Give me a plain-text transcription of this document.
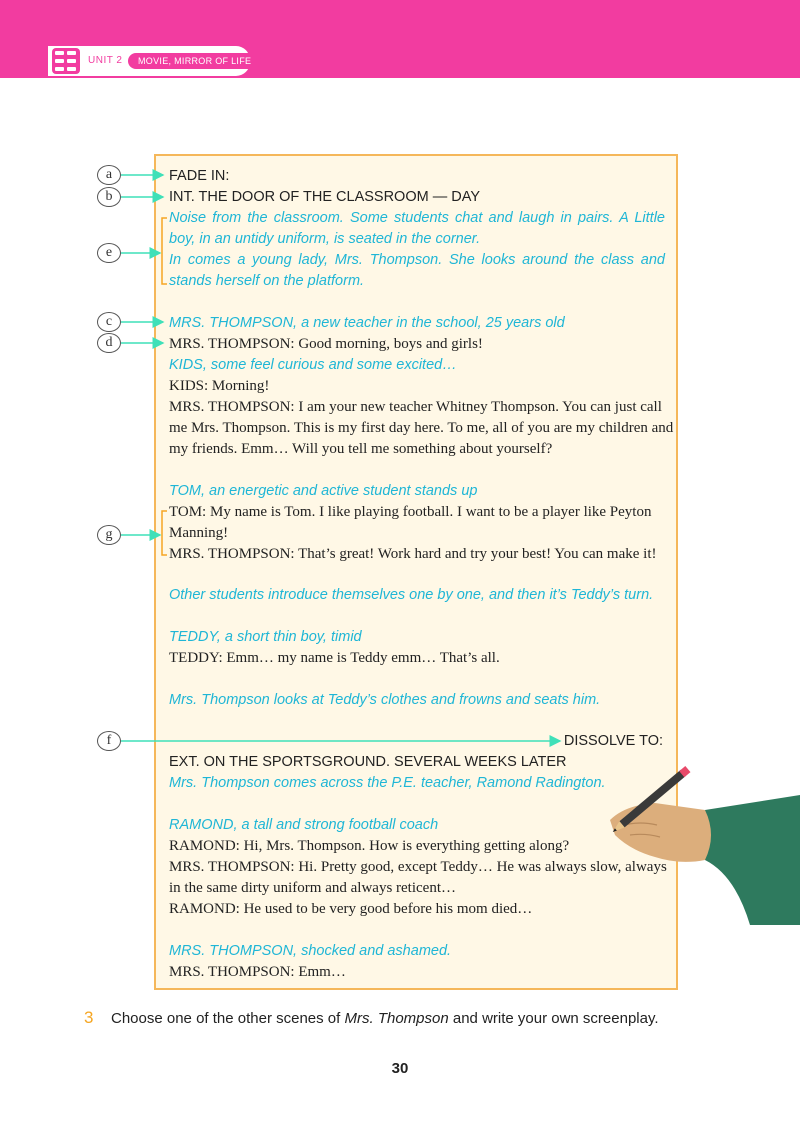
UNIT 2	MOVIE, MIRROR OF LIFE
a
b
e
c
d
g
f
FADE IN:
INT. THE DOOR OF THE CLASSROOM — DAY
Noise from the classroom. Some students chat and laugh in pairs. A Little
boy, in an untidy uniform, is seated in the corner.
In comes a young lady, Mrs. Thompson. She looks around the class and
stands herself on the platform.
MRS. THOMPSON, a new teacher in the school, 25 years old
MRS. THOMPSON: Good morning, boys and girls!
KIDS, some feel curious and some excited…
KIDS: Morning!
MRS. THOMPSON: I am your new teacher Whitney Thompson. You can just call
me Mrs. Thompson. This is my first day here. To me, all of you are my children and
my friends. Emm… Will you tell me something about yourself?
TOM, an energetic and active student stands up
TOM: My name is Tom. I like playing football. I want to be a player like Peyton
Manning!
MRS. THOMPSON: That’s great! Work hard and try your best! You can make it!
Other students introduce themselves one by one, and then it’s Teddy’s turn.
TEDDY, a short thin boy, timid
TEDDY: Emm… my name is Teddy emm… That’s all.
Mrs. Thompson looks at Teddy’s clothes and frowns and seats him.
DISSOLVE TO:
EXT. ON THE SPORTSGROUND. SEVERAL WEEKS LATER
Mrs. Thompson comes across the P.E. teacher, Ramond Radington.
RAMOND, a tall and strong football coach
RAMOND: Hi, Mrs. Thompson. How is everything getting along?
MRS. THOMPSON: Hi. Pretty good, except Teddy… He was always slow, always
in the same dirty uniform and always reticent…
RAMOND: He used to be very good before his mom died…
MRS. THOMPSON, shocked and ashamed.
MRS. THOMPSON: Emm…
3 Choose one of the other scenes of Mrs. Thompson and write your own screenplay.
30
